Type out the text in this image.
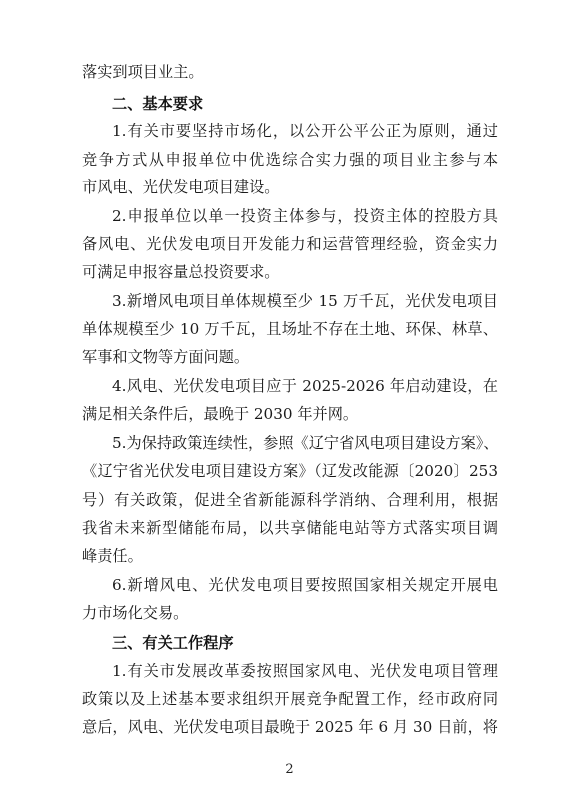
落实到项目业主。
二、基本要求
1.有关市要坚持市场化，以公开公平公正为原则，通过
竞争方式从申报单位中优选综合实力强的项目业主参与本
市风电、光伏发电项目建设。
2.申报单位以单一投资主体参与，投资主体的控股方具
备风电、光伏发电项目开发能力和运营管理经验，资金实力
可满足申报容量总投资要求。
3.新增风电项目单体规模至少 15 万千瓦，光伏发电项目
单体规模至少 10 万千瓦，且场址不存在土地、环保、林草、
军事和文物等方面问题。
4.风电、光伏发电项目应于 2025-2026 年启动建设，在
满足相关条件后，最晚于 2030 年并网。
5.为保持政策连续性，参照《辽宁省风电项目建设方案》、
《辽宁省光伏发电项目建设方案》（辽发改能源〔2020〕253
号）有关政策，促进全省新能源科学消纳、合理利用，根据
我省未来新型储能布局，以共享储能电站等方式落实项目调
峰责任。
6.新增风电、光伏发电项目要按照国家相关规定开展电
力市场化交易。
三、有关工作程序
1.有关市发展改革委按照国家风电、光伏发电项目管理
政策以及上述基本要求组织开展竞争配置工作，经市政府同
意后，风电、光伏发电项目最晚于 2025 年 6 月 30 日前，将
2
